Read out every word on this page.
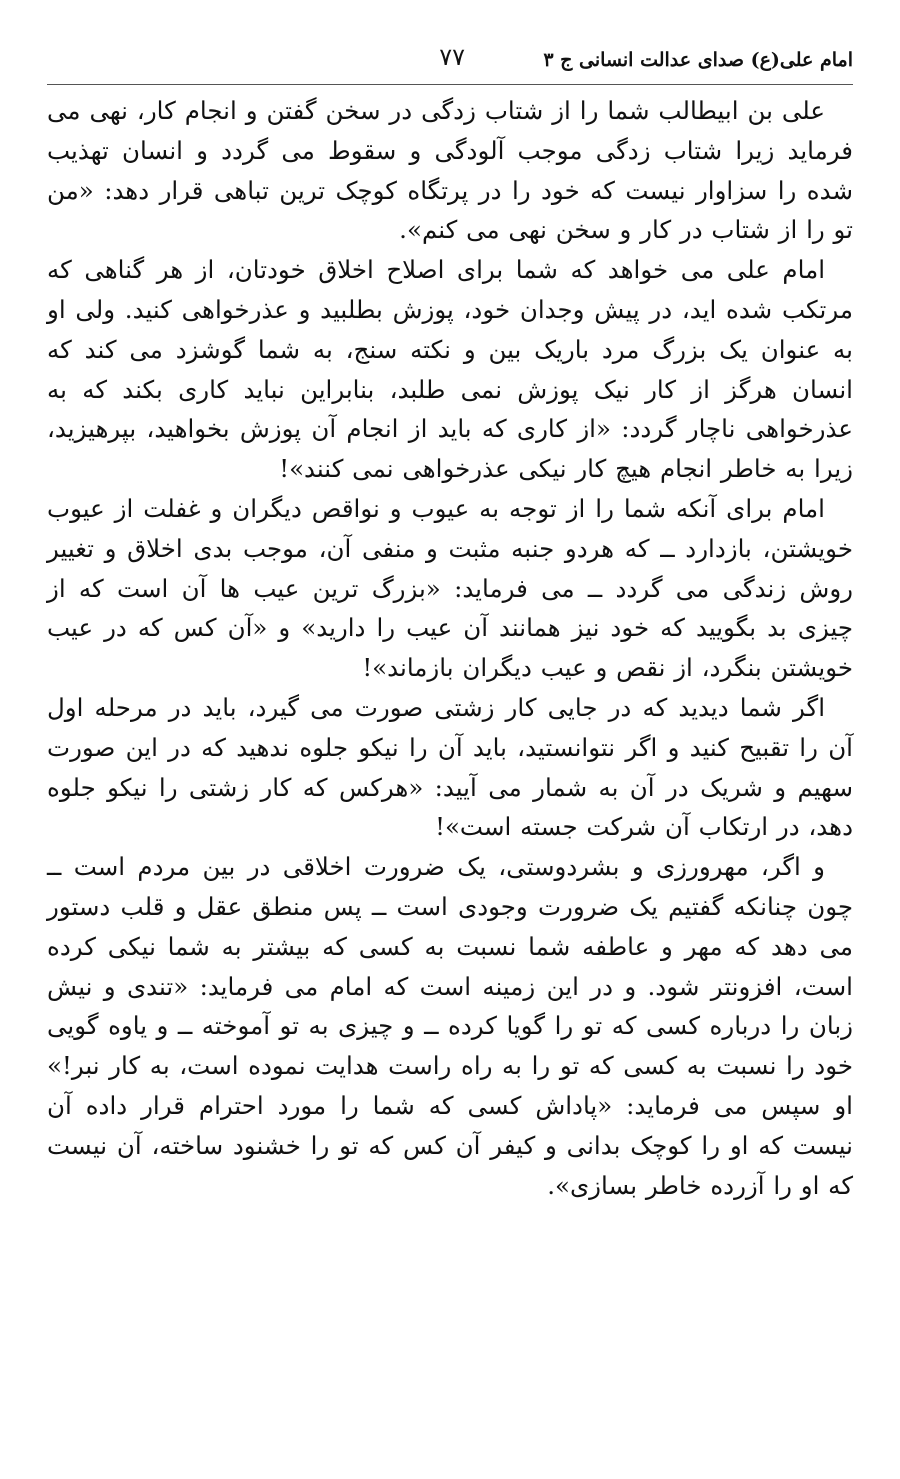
امام علی(ع) صدای عدالت انسانی ج ۳
۷۷

علی بن ابیطالب شما را از شتاب زدگی در سخن گفتن و انجام کار، نهی می فرماید زیرا شتاب زدگی موجب آلودگی و سقوط می گردد و انسان تهذیب شده را سزاوار نیست که خود را در پرتگاه کوچک ترین تباهی قرار دهد: «من تو را از شتاب در کار و سخن نهی می کنم».

امام علی می خواهد که شما برای اصلاح اخلاق خودتان، از هر گناهی که مرتکب شده اید، در پیش وجدان خود، پوزش بطلبید و عذرخواهی کنید. ولی او به عنوان یک بزرگ مرد باریک بین و نکته سنج، به شما گوشزد می کند که انسان هرگز از کار نیک پوزش نمی طلبد، بنابراین نباید کاری بکند که به عذرخواهی ناچار گردد: «از کاری که باید از انجام آن پوزش بخواهید، بپرهیزید، زیرا به خاطر انجام هیچ کار نیکی عذرخواهی نمی کنند»!

امام برای آنکه شما را از توجه به عیوب و نواقص دیگران و غفلت از عیوب خویشتن، بازدارد ــ که هردو جنبه مثبت و منفی آن، موجب بدی اخلاق و تغییر روش زندگی می گردد ــ می فرماید: «بزرگ ترین عیب ها آن است که از چیزی بد بگویید که خود نیز همانند آن عیب را دارید» و «آن کس که در عیب خویشتن بنگرد، از نقص و عیب دیگران بازماند»!

اگر شما دیدید که در جایی کار زشتی صورت می گیرد، باید در مرحله اول آن را تقبیح کنید و اگر نتوانستید، باید آن را نیکو جلوه ندهید که در این صورت سهیم و شریک در آن به شمار می آیید: «هرکس که کار زشتی را نیکو جلوه دهد، در ارتکاب آن شرکت جسته است»!

و اگر، مهرورزی و بشردوستی، یک ضرورت اخلاقی در بین مردم است ــ چون چنانکه گفتیم یک ضرورت وجودی است ــ پس منطق عقل و قلب دستور می دهد که مهر و عاطفه شما نسبت به کسی که بیشتر به شما نیکی کرده است، افزونتر شود. و در این زمینه است که امام می فرماید: «تندی و نیش زبان را درباره کسی که تو را گویا کرده ــ و چیزی به تو آموخته ــ و یاوه گویی خود را نسبت به کسی که تو را به راه راست هدایت نموده است، به کار نبر!» او سپس می فرماید: «پاداش کسی که شما را مورد احترام قرار داده آن نیست که او را کوچک بدانی و کیفر آن کس که تو را خشنود ساخته، آن نیست که او را آزرده خاطر بسازی».
